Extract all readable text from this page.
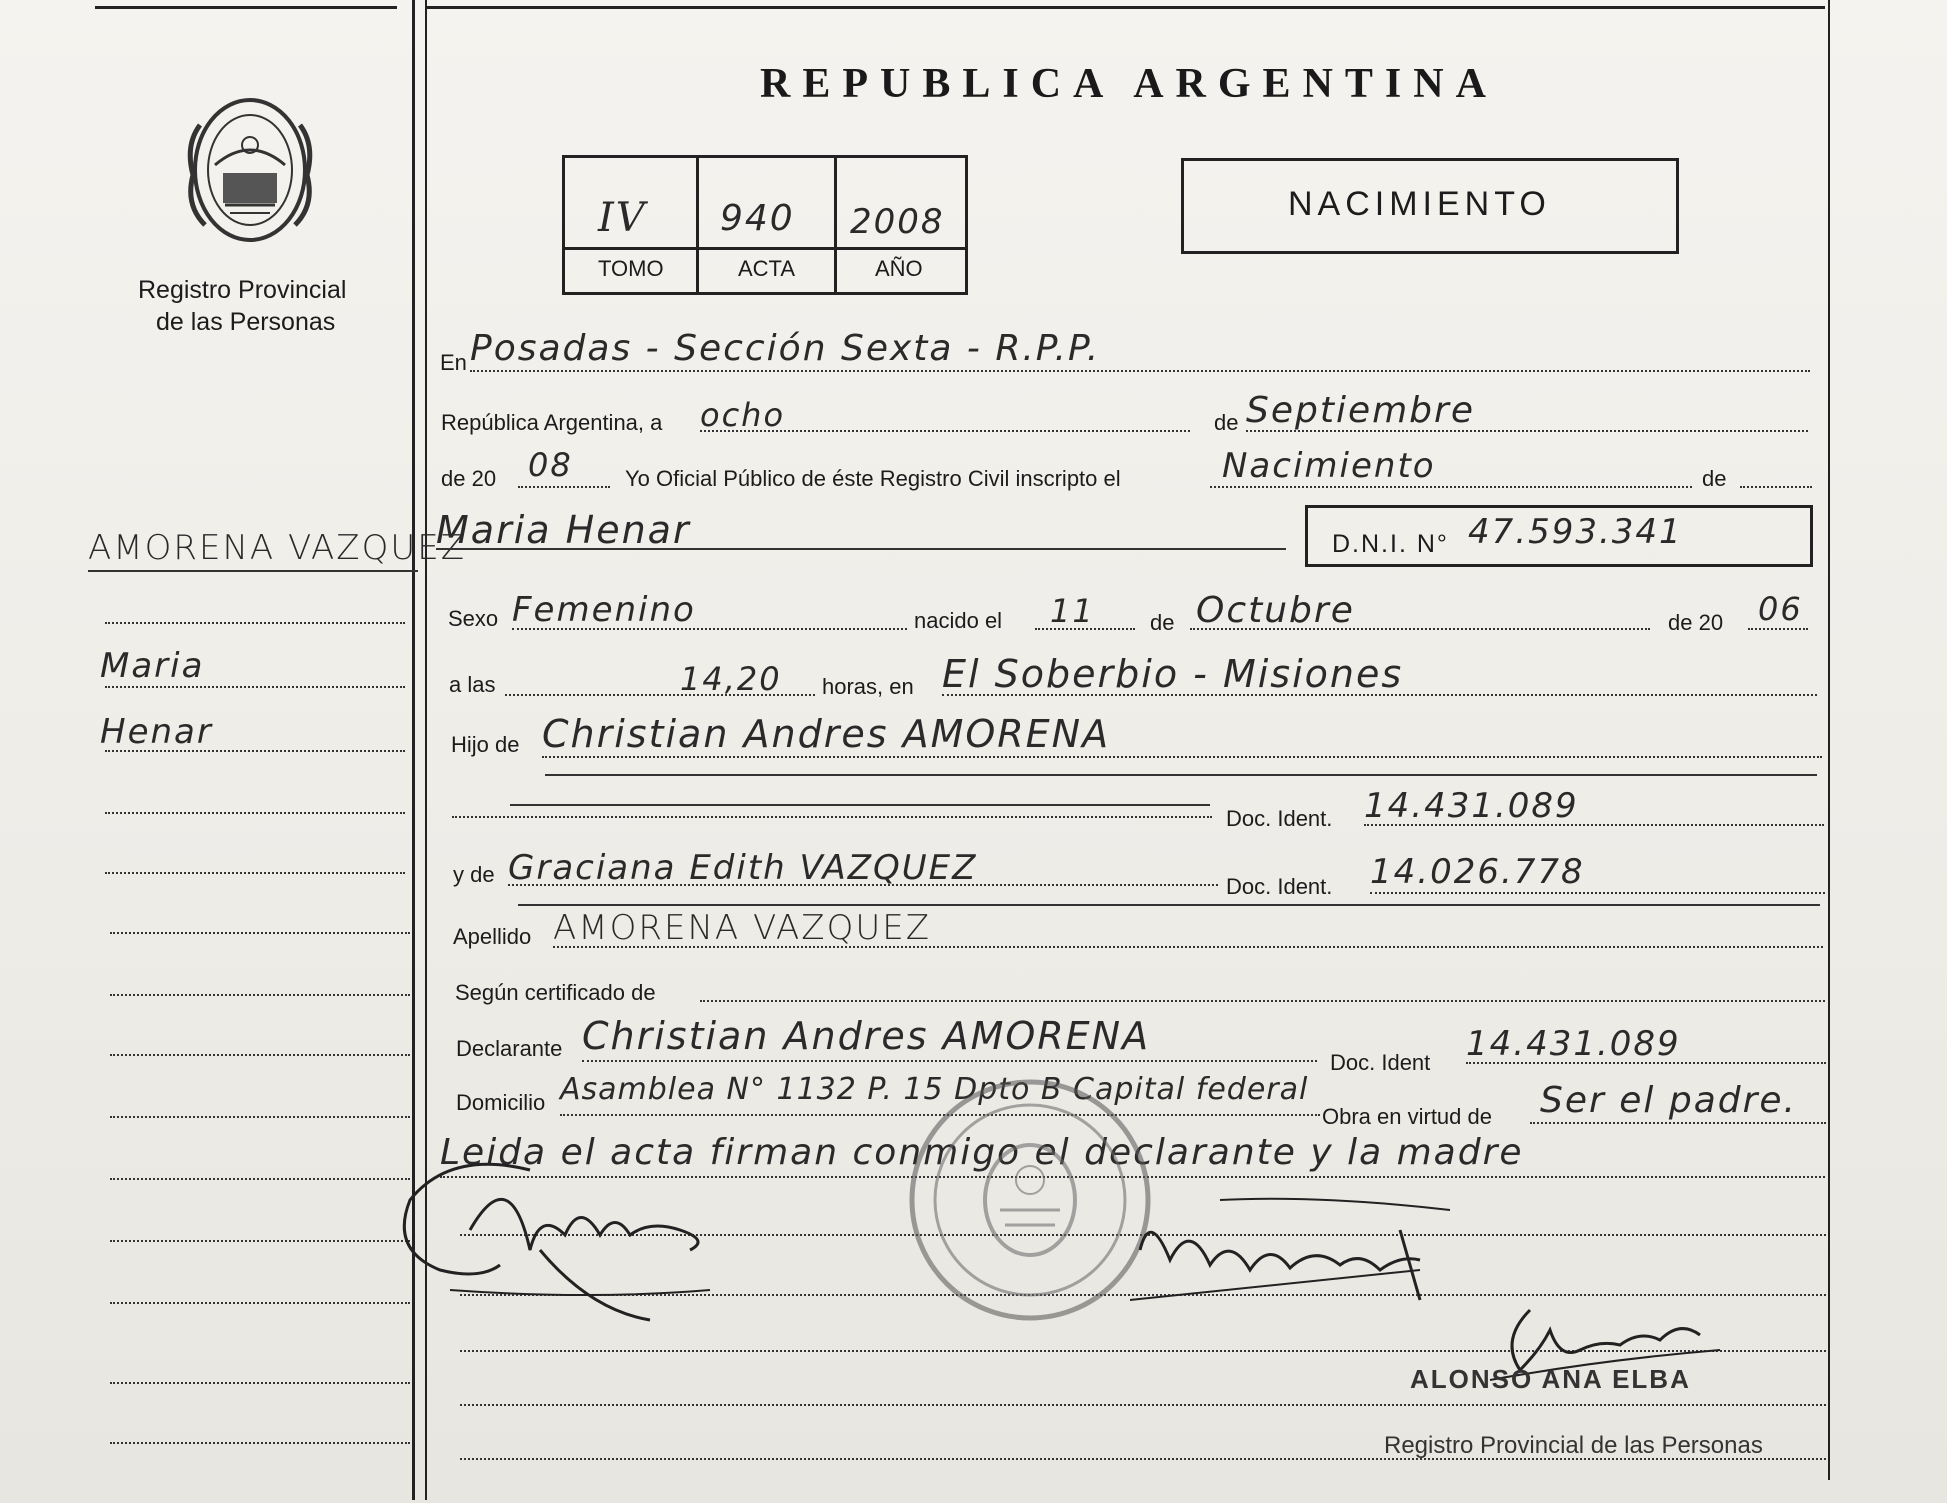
Registro Provincial
de las Personas
REPUBLICA ARGENTINA
IV 940 2008
TOMO	ACTA	AÑO
NACIMIENTO
AMORENA VAZQUEZ
Maria
Henar
En Posadas - Sección Sexta - R.P.P.
República Argentina, a ocho	de Septiembre
de 20 08 Yo Oficial Público de éste Registro Civil inscripto el	Nacimiento	de
Maria Henar	D.N.I. N° 47.593.341
Sexo Femenino	nacido el 11	de Octubre	de 20 06
a las	14,20 horas, en El Soberbio - Misiones
Hijo de Christian Andres AMORENA
Doc. Ident. 14.431.089
y de Graciana Edith VAZQUEZ	Doc. Ident. 14.026.778
Apellido AMORENA VAZQUEZ
Según certificado de
Declarante Christian Andres AMORENA
Doc. Ident 14.431.089
Domicilio Asamblea N° 1132 P. 15 Dpto B Capital federal
Obra en virtud de Ser el padre.
Leida el acta firman conmigo el declarante y la madre
ALONSO ANA ELBA
Registro Provincial de las Personas
